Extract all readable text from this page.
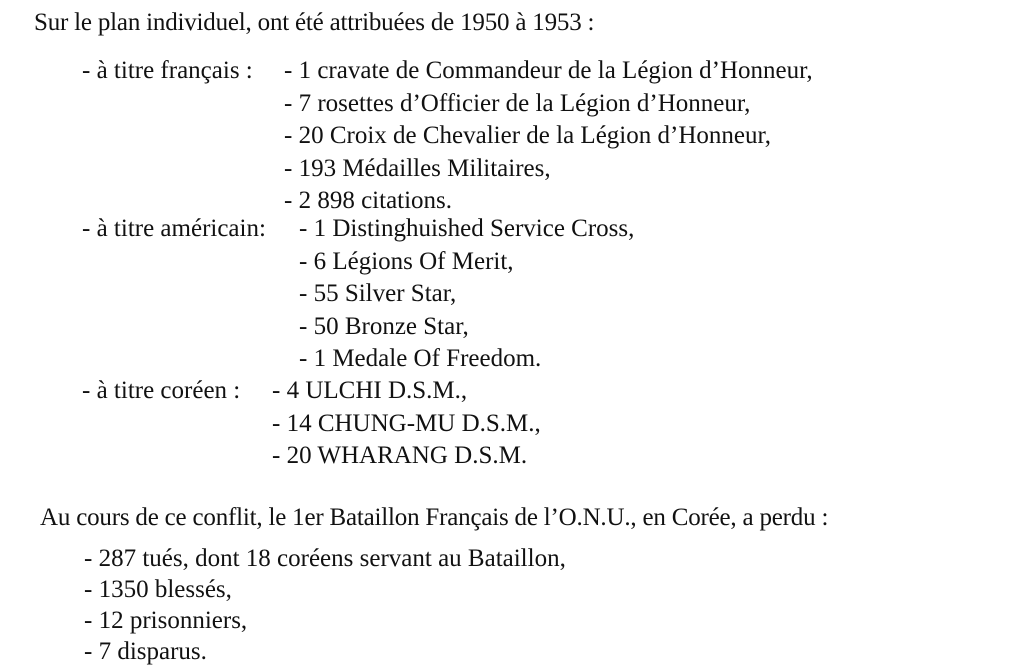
Sur le plan individuel, ont été attribuées de 1950 à 1953 :
- à titre français : - 1 cravate de Commandeur de la Légion d’Honneur,
- 7 rosettes d’Officier de la Légion d’Honneur,
- 20 Croix de Chevalier de la Légion d’Honneur,
- 193 Médailles Militaires,
- 2 898 citations.
- à titre américain: - 1 Distinghuished Service Cross,
- 6 Légions Of Merit,
- 55 Silver Star,
- 50 Bronze Star,
- 1 Medale Of Freedom.
- à titre coréen : - 4 ULCHI D.S.M.,
- 14 CHUNG-MU D.S.M.,
- 20 WHARANG D.S.M.
Au cours de ce conflit, le 1er Bataillon Français de l’O.N.U., en Corée, a perdu :
- 287 tués, dont 18 coréens servant au Bataillon,
- 1350 blessés,
- 12 prisonniers,
- 7 disparus.
